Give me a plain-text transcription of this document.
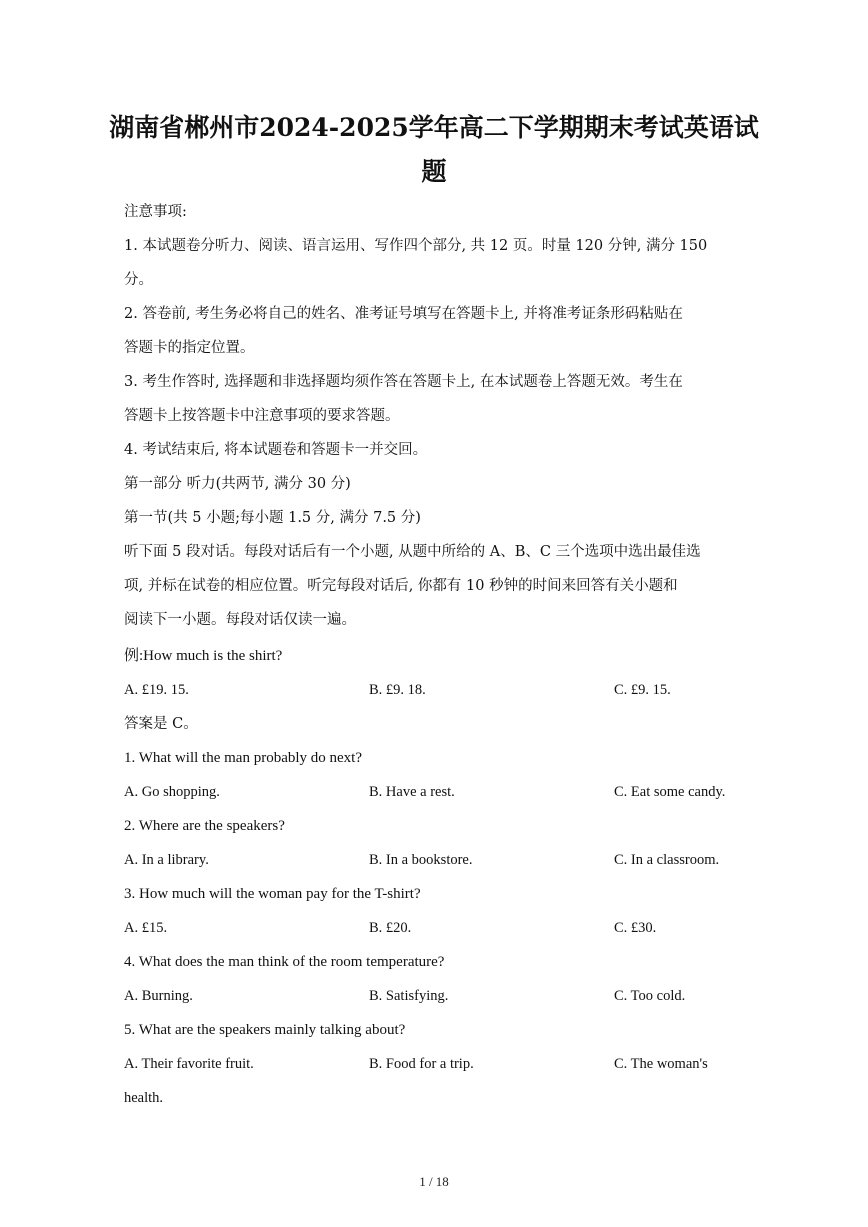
湖南省郴州市2024-2025学年高二下学期期末考试英语试
题
注意事项:
1. 本试题卷分听力、阅读、语言运用、写作四个部分, 共 12 页。时量 120 分钟, 满分 150
分。
2. 答卷前, 考生务必将自己的姓名、准考证号填写在答题卡上, 并将准考证条形码粘贴在
答题卡的指定位置。
3. 考生作答时, 选择题和非选择题均须作答在答题卡上, 在本试题卷上答题无效。考生在
答题卡上按答题卡中注意事项的要求答题。
4. 考试结束后, 将本试题卷和答题卡一并交回。
第一部分 听力(共两节, 满分 30 分)
第一节(共 5 小题;每小题 1.5 分, 满分 7.5 分)
听下面 5 段对话。每段对话后有一个小题, 从题中所给的 A、B、C 三个选项中选出最佳选
项, 并标在试卷的相应位置。听完每段对话后, 你都有 10 秒钟的时间来回答有关小题和
阅读下一小题。每段对话仅读一遍。
例:How much is the shirt?
A. £19. 15.	B. £9. 18.	C. £9. 15.
答案是 C。
1. What will the man probably do next?
A. Go shopping.	B. Have a rest.	C. Eat some candy.
2. Where are the speakers?
A. In a library.	B. In a bookstore.	C. In a classroom.
3. How much will the woman pay for the T-shirt?
A. £15.	B. £20.	C. £30.
4. What does the man think of the room temperature?
A. Burning.	B. Satisfying.	C. Too cold.
5. What are the speakers mainly talking about?
A. Their favorite fruit.	B. Food for a trip.	C. The woman's
health.
1 / 18
